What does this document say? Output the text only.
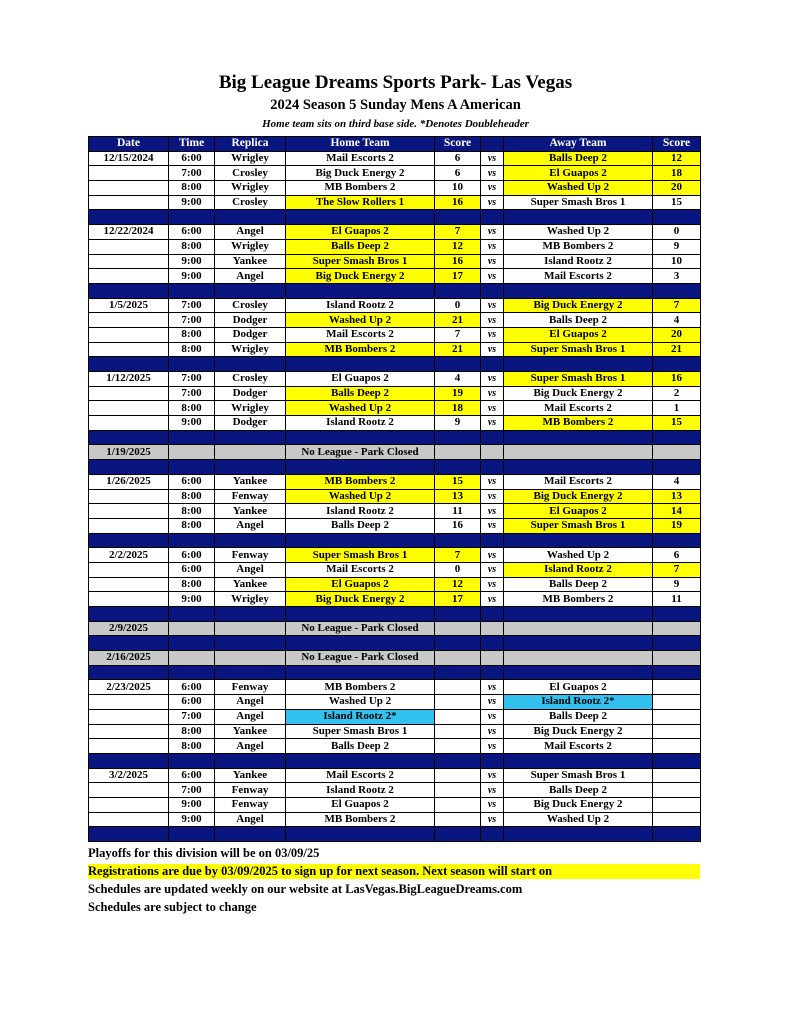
Big League Dreams Sports Park- Las Vegas
2024 Season 5 Sunday Mens A American
Home team sits on third base side. *Denotes Doubleheader
Date	Time	Replica	Home Team	Score		Away Team	Score
12/15/2024	6:00	Wrigley	Mail Escorts 2	6	vs	Balls Deep 2	12
	7:00	Crosley	Big Duck Energy 2	6	vs	El Guapos 2	18
	8:00	Wrigley	MB Bombers 2	10	vs	Washed Up 2	20
	9:00	Crosley	The Slow Rollers 1	16	vs	Super Smash Bros 1	15

12/22/2024	6:00	Angel	El Guapos 2	7	vs	Washed Up 2	0
	8:00	Wrigley	Balls Deep 2	12	vs	MB Bombers 2	9
	9:00	Yankee	Super Smash Bros 1	16	vs	Island Rootz 2	10
	9:00	Angel	Big Duck Energy 2	17	vs	Mail Escorts 2	3

1/5/2025	7:00	Crosley	Island Rootz 2	0	vs	Big Duck Energy 2	7
	7:00	Dodger	Washed Up 2	21	vs	Balls Deep 2	4
	8:00	Dodger	Mail Escorts 2	7	vs	El Guapos 2	20
	8:00	Wrigley	MB Bombers 2	21	vs	Super Smash Bros 1	21

1/12/2025	7:00	Crosley	El Guapos 2	4	vs	Super Smash Bros 1	16
	7:00	Dodger	Balls Deep 2	19	vs	Big Duck Energy 2	2
	8:00	Wrigley	Washed Up 2	18	vs	Mail Escorts 2	1
	9:00	Dodger	Island Rootz 2	9	vs	MB Bombers 2	15

1/19/2025			No League - Park Closed				

1/26/2025	6:00	Yankee	MB Bombers 2	15	vs	Mail Escorts 2	4
	8:00	Fenway	Washed Up 2	13	vs	Big Duck Energy 2	13
	8:00	Yankee	Island Rootz 2	11	vs	El Guapos 2	14
	8:00	Angel	Balls Deep 2	16	vs	Super Smash Bros 1	19

2/2/2025	6:00	Fenway	Super Smash Bros 1	7	vs	Washed Up 2	6
	6:00	Angel	Mail Escorts 2	0	vs	Island Rootz 2	7
	8:00	Yankee	El Guapos 2	12	vs	Balls Deep 2	9
	9:00	Wrigley	Big Duck Energy 2	17	vs	MB Bombers 2	11

2/9/2025			No League - Park Closed				

2/16/2025			No League - Park Closed				

2/23/2025	6:00	Fenway	MB Bombers 2		vs	El Guapos 2	
	6:00	Angel	Washed Up 2		vs	Island Rootz 2*	
	7:00	Angel	Island Rootz 2*		vs	Balls Deep 2	
	8:00	Yankee	Super Smash Bros 1		vs	Big Duck Energy 2	
	8:00	Angel	Balls Deep 2		vs	Mail Escorts 2	

3/2/2025	6:00	Yankee	Mail Escorts 2		vs	Super Smash Bros 1	
	7:00	Fenway	Island Rootz 2		vs	Balls Deep 2	
	9:00	Fenway	El Guapos 2		vs	Big Duck Energy 2	
	9:00	Angel	MB Bombers 2		vs	Washed Up 2	

Playoffs for this division will be on 03/09/25
Registrations are due by 03/09/2025 to sign up for next season. Next season will start on
Schedules are updated weekly on our website at LasVegas.BigLeagueDreams.com
Schedules are subject to change
